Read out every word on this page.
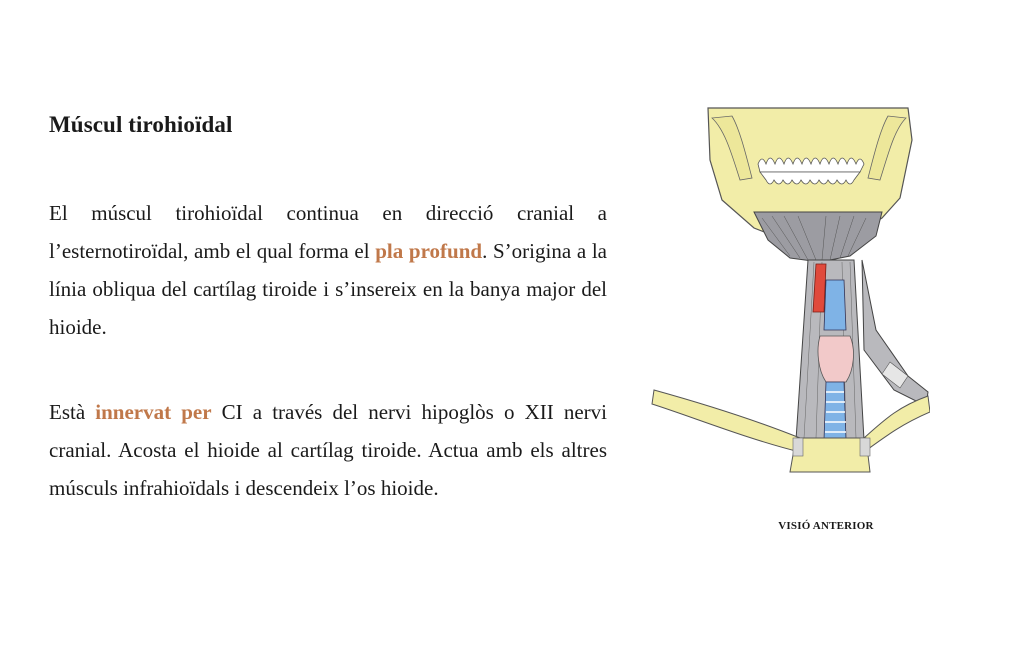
Múscul tirohioïdal

El múscul tirohioïdal continua en direcció cranial a l’esternotiroïdal, amb el qual forma el pla profund. S’origina a la línia obliqua del cartílag tiroide i s’insereix en la banya major del hioide.

Està innervat per CI a través del nervi hipoglòs o XII nervi cranial. Acosta el hioide al cartílag tiroide. Actua amb els altres músculs infrahioïdals i descendeix l’os hioide.

VISIÓ ANTERIOR
